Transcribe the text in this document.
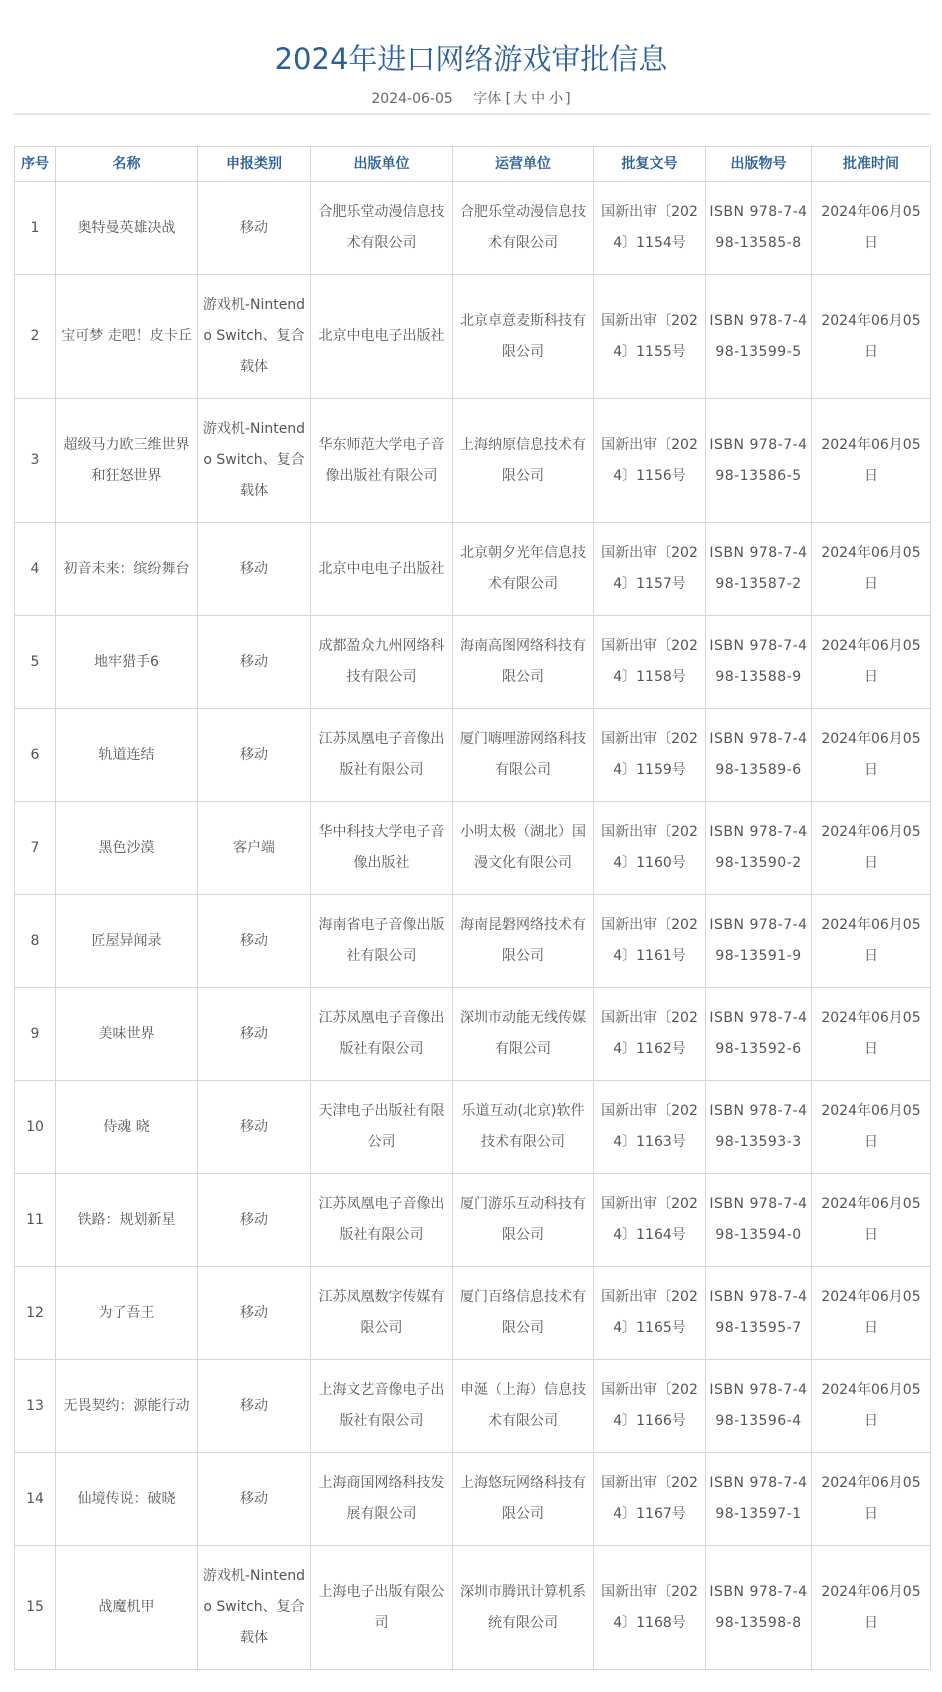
2024年进口网络游戏审批信息
2024-06-05 字体 [ 大 中 小 ]
序号	名称	申报类别	出版单位	运营单位	批复文号	出版物号	批准时间
1	奥特曼英雄决战	移动	合肥乐堂动漫信息技术有限公司	合肥乐堂动漫信息技术有限公司	国新出审〔2024〕1154号	ISBN 978-7-498-13585-8	2024年06月05日
2	宝可梦 走吧！皮卡丘	游戏机-Nintendo Switch、复合载体	北京中电电子出版社	北京卓意麦斯科技有限公司	国新出审〔2024〕1155号	ISBN 978-7-498-13599-5	2024年06月05日
3	超级马力欧三维世界和狂怒世界	游戏机-Nintendo Switch、复合载体	华东师范大学电子音像出版社有限公司	上海纳原信息技术有限公司	国新出审〔2024〕1156号	ISBN 978-7-498-13586-5	2024年06月05日
4	初音未来：缤纷舞台	移动	北京中电电子出版社	北京朝夕光年信息技术有限公司	国新出审〔2024〕1157号	ISBN 978-7-498-13587-2	2024年06月05日
5	地牢猎手6	移动	成都盈众九州网络科技有限公司	海南高图网络科技有限公司	国新出审〔2024〕1158号	ISBN 978-7-498-13588-9	2024年06月05日
6	轨道连结	移动	江苏凤凰电子音像出版社有限公司	厦门嗨哩游网络科技有限公司	国新出审〔2024〕1159号	ISBN 978-7-498-13589-6	2024年06月05日
7	黑色沙漠	客户端	华中科技大学电子音像出版社	小明太极（湖北）国漫文化有限公司	国新出审〔2024〕1160号	ISBN 978-7-498-13590-2	2024年06月05日
8	匠屋异闻录	移动	海南省电子音像出版社有限公司	海南昆磐网络技术有限公司	国新出审〔2024〕1161号	ISBN 978-7-498-13591-9	2024年06月05日
9	美味世界	移动	江苏凤凰电子音像出版社有限公司	深圳市动能无线传媒有限公司	国新出审〔2024〕1162号	ISBN 978-7-498-13592-6	2024年06月05日
10	侍魂 晓	移动	天津电子出版社有限公司	乐道互动(北京)软件技术有限公司	国新出审〔2024〕1163号	ISBN 978-7-498-13593-3	2024年06月05日
11	铁路：规划新星	移动	江苏凤凰电子音像出版社有限公司	厦门游乐互动科技有限公司	国新出审〔2024〕1164号	ISBN 978-7-498-13594-0	2024年06月05日
12	为了吾王	移动	江苏凤凰数字传媒有限公司	厦门百络信息技术有限公司	国新出审〔2024〕1165号	ISBN 978-7-498-13595-7	2024年06月05日
13	无畏契约：源能行动	移动	上海文艺音像电子出版社有限公司	申涎（上海）信息技术有限公司	国新出审〔2024〕1166号	ISBN 978-7-498-13596-4	2024年06月05日
14	仙境传说：破晓	移动	上海商国网络科技发展有限公司	上海悠玩网络科技有限公司	国新出审〔2024〕1167号	ISBN 978-7-498-13597-1	2024年06月05日
15	战魔机甲	游戏机-Nintendo Switch、复合载体	上海电子出版有限公司	深圳市腾讯计算机系统有限公司	国新出审〔2024〕1168号	ISBN 978-7-498-13598-8	2024年06月05日
